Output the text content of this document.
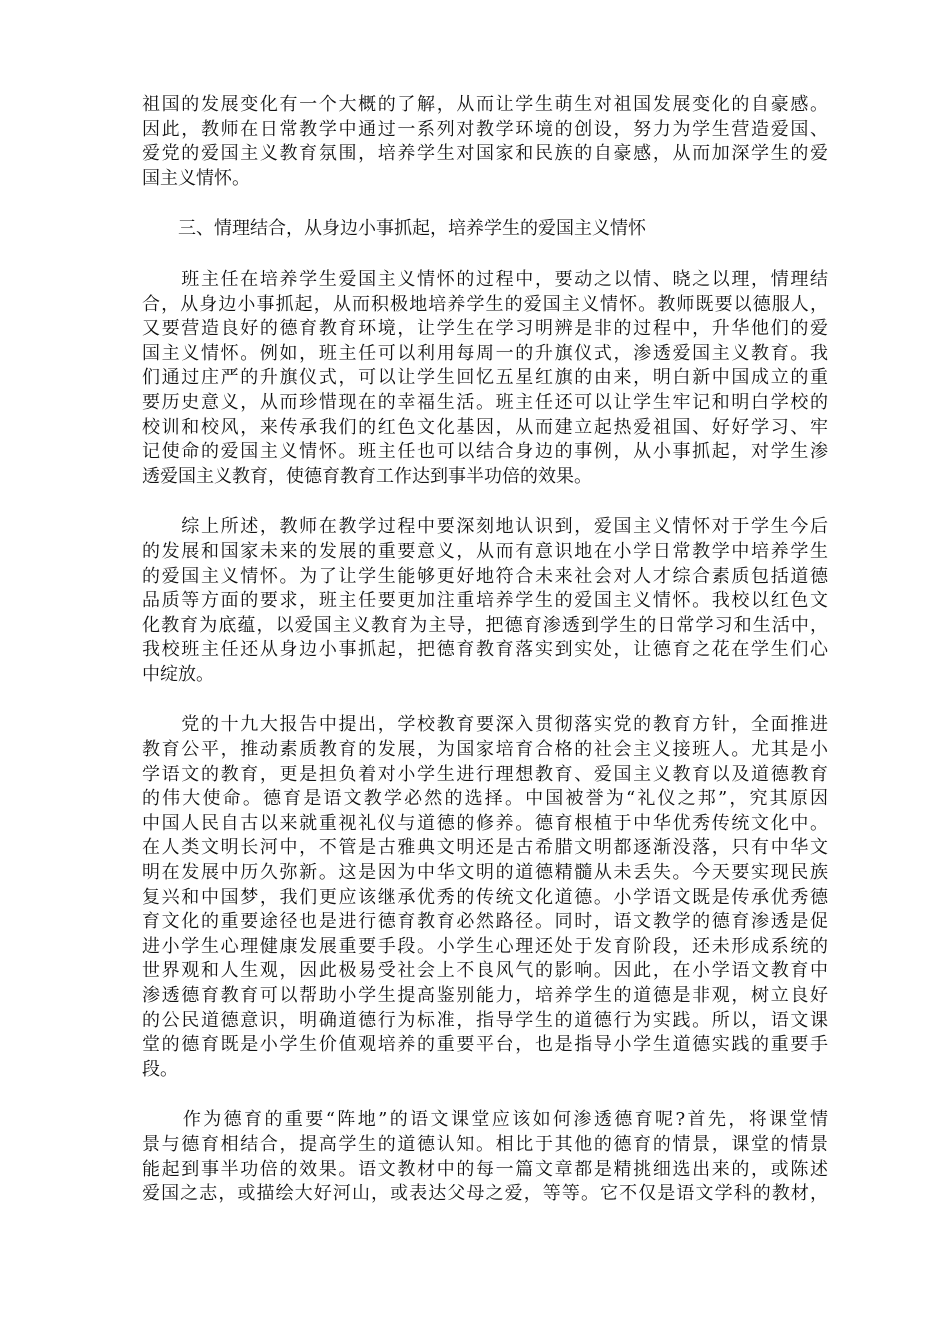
祖国的发展变化有一个大概的了解，从而让学生萌生对祖国发展变化的自豪感。
因此，教师在日常教学中通过一系列对教学环境的创设，努力为学生营造爱国、
爱党的爱国主义教育氛围，培养学生对国家和民族的自豪感，从而加深学生的爱
国主义情怀。

三、情理结合，从身边小事抓起，培养学生的爱国主义情怀

　　班主任在培养学生爱国主义情怀的过程中，要动之以情、晓之以理，情理结
合，从身边小事抓起，从而积极地培养学生的爱国主义情怀。教师既要以德服人，
又要营造良好的德育教育环境，让学生在学习明辨是非的过程中，升华他们的爱
国主义情怀。例如，班主任可以利用每周一的升旗仪式，渗透爱国主义教育。我
们通过庄严的升旗仪式，可以让学生回忆五星红旗的由来，明白新中国成立的重
要历史意义，从而珍惜现在的幸福生活。班主任还可以让学生牢记和明白学校的
校训和校风，来传承我们的红色文化基因，从而建立起热爱祖国、好好学习、牢
记使命的爱国主义情怀。班主任也可以结合身边的事例，从小事抓起，对学生渗
透爱国主义教育，使德育教育工作达到事半功倍的效果。

　　综上所述，教师在教学过程中要深刻地认识到，爱国主义情怀对于学生今后
的发展和国家未来的发展的重要意义，从而有意识地在小学日常教学中培养学生
的爱国主义情怀。为了让学生能够更好地符合未来社会对人才综合素质包括道德
品质等方面的要求，班主任要更加注重培养学生的爱国主义情怀。我校以红色文
化教育为底蕴，以爱国主义教育为主导，把德育渗透到学生的日常学习和生活中，
我校班主任还从身边小事抓起，把德育教育落实到实处，让德育之花在学生们心
中绽放。

　　党的十九大报告中提出，学校教育要深入贯彻落实党的教育方针，全面推进
教育公平，推动素质教育的发展，为国家培育合格的社会主义接班人。尤其是小
学语文的教育，更是担负着对小学生进行理想教育、爱国主义教育以及道德教育
的伟大使命。德育是语文教学必然的选择。中国被誉为“礼仪之邦”，究其原因
中国人民自古以来就重视礼仪与道德的修养。德育根植于中华优秀传统文化中。
在人类文明长河中，不管是古雅典文明还是古希腊文明都逐渐没落，只有中华文
明在发展中历久弥新。这是因为中华文明的道德精髓从未丢失。今天要实现民族
复兴和中国梦，我们更应该继承优秀的传统文化道德。小学语文既是传承优秀德
育文化的重要途径也是进行德育教育必然路径。同时，语文教学的德育渗透是促
进小学生心理健康发展重要手段。小学生心理还处于发育阶段，还未形成系统的
世界观和人生观，因此极易受社会上不良风气的影响。因此，在小学语文教育中
渗透德育教育可以帮助小学生提高鉴别能力，培养学生的道德是非观，树立良好
的公民道德意识，明确道德行为标准，指导学生的道德行为实践。所以，语文课
堂的德育既是小学生价值观培养的重要平台，也是指导小学生道德实践的重要手
段。

　　作为德育的重要“阵地”的语文课堂应该如何渗透德育呢?首先，将课堂情
景与德育相结合，提高学生的道德认知。相比于其他的德育的情景，课堂的情景
能起到事半功倍的效果。语文教材中的每一篇文章都是精挑细选出来的，或陈述
爱国之志，或描绘大好河山，或表达父母之爱，等等。它不仅是语文学科的教材，
